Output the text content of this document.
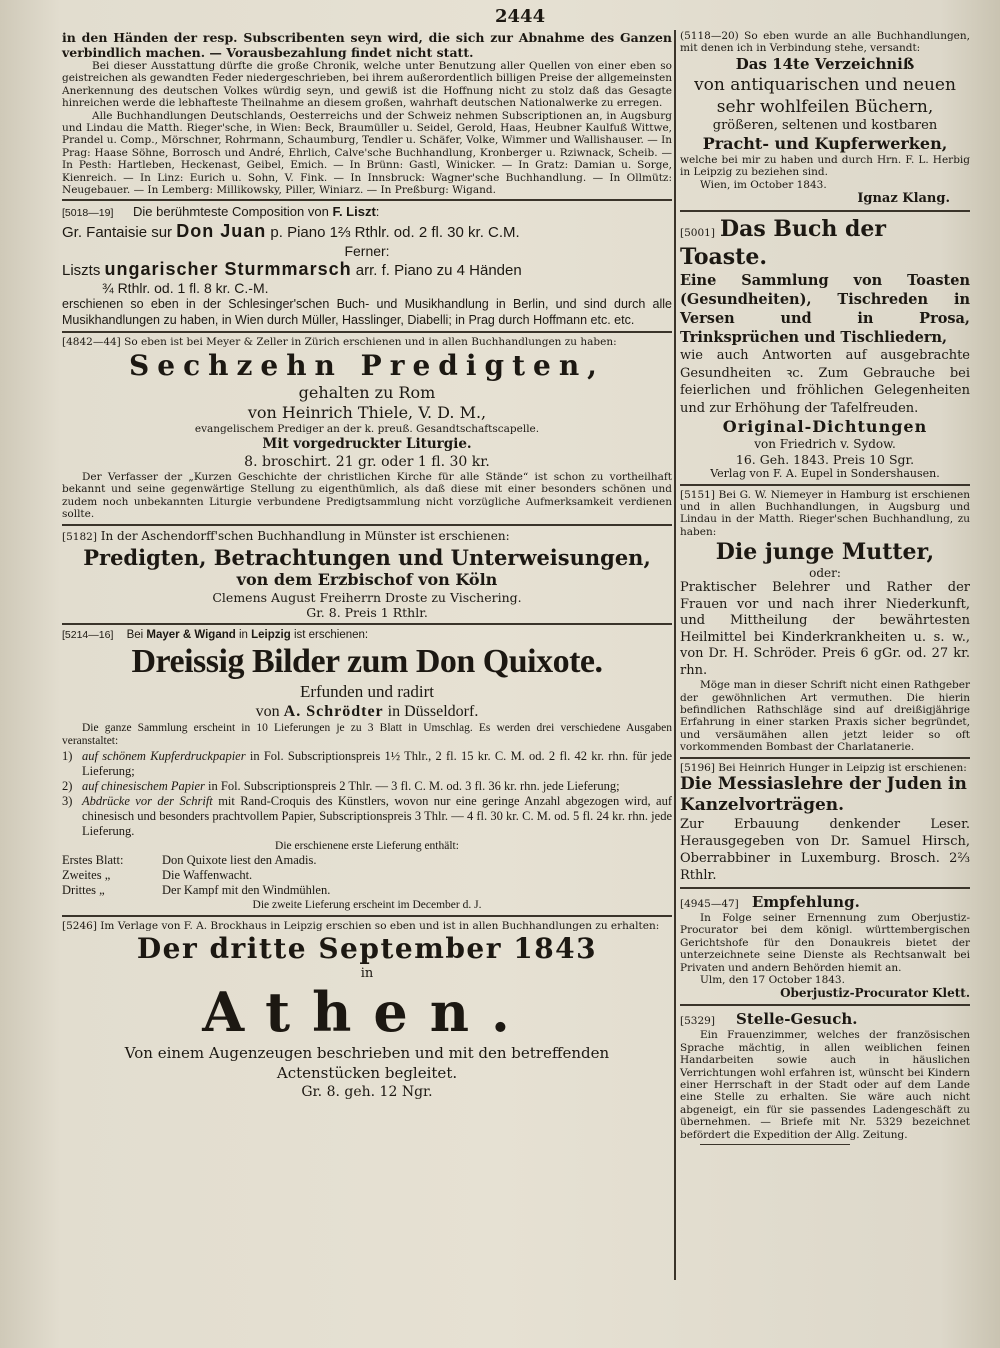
2444

in den Händen der resp. Subscribenten seyn wird, die sich zur Abnahme des Ganzen verbindlich machen. — Vorausbezahlung findet nicht statt.

Bei dieser Ausstattung dürfte die große Chronik, welche unter Benutzung aller Quellen von einer eben so geistreichen als gewandten Feder niedergeschrieben, bei ihrem außerordentlich billigen Preise der allgemeinsten Anerkennung des deutschen Volkes würdig seyn, und gewiß ist die Hoffnung nicht zu stolz daß das Gesagte hinreichen werde die lebhafteste Theilnahme an diesem großen, wahrhaft deutschen Nationalwerke zu erregen.

Alle Buchhandlungen Deutschlands, Oesterreichs und der Schweiz nehmen Subscriptionen an, in Augsburg und Lindau die Matth. Rieger'sche, in Wien: Beck, Braumüller u. Seidel, Gerold, Haas, Heubner Kaulfuß Wittwe, Prandel u. Comp., Mörschner, Rohrmann, Schaumburg, Tendler u. Schäfer, Volke, Wimmer und Wallishauser. — In Prag: Haase Söhne, Borrosch und André, Ehrlich, Calve'sche Buchhandlung, Kronberger u. Rziwnack, Scheib. — In Pesth: Hartleben, Heckenast, Geibel, Emich. — In Brünn: Gastl, Winicker. — In Gratz: Damian u. Sorge, Kienreich. — In Linz: Eurich u. Sohn, V. Fink. — In Innsbruck: Wagner'sche Buchhandlung. — In Ollmütz: Neugebauer. — In Lemberg: Millikowsky, Piller, Winiarz. — In Preßburg: Wigand.

[5018—19] Die berühmteste Composition von F. Liszt:
Gr. Fantaisie sur Don Juan p. Piano 1⅔ Rthlr. od. 2 fl. 30 kr. C.M.
Ferner:
Liszts ungarischer Sturmmarsch arr. f. Piano zu 4 Händen
¾ Rthlr. od. 1 fl. 8 kr. C.-M.

erschienen so eben in der Schlesinger'schen Buch- und Musikhandlung in Berlin, und sind durch alle Musikhandlungen zu haben, in Wien durch Müller, Hasslinger, Diabelli; in Prag durch Hoffmann etc. etc.

[4842—44] So eben ist bei Meyer & Zeller in Zürich erschienen und in allen Buchhandlungen zu haben:
Sechzehn Predigten,
gehalten zu Rom
von Heinrich Thiele, V. D. M.,
evangelischem Prediger an der k. preuß. Gesandtschaftscapelle.
Mit vorgedruckter Liturgie.
8. broschirt. 21 gr. oder 1 fl. 30 kr.

Der Verfasser der „Kurzen Geschichte der christlichen Kirche für alle Stände“ ist schon zu vortheilhaft bekannt und seine gegenwärtige Stellung zu eigenthümlich, als daß diese mit einer besonders schönen und zudem noch unbekannten Liturgie verbundene Predigtsammlung nicht vorzügliche Aufmerksamkeit verdienen sollte.

[5182] In der Aschendorff'schen Buchhandlung in Münster ist erschienen:
Predigten, Betrachtungen und Unterweisungen,
von dem Erzbischof von Köln
Clemens August Freiherrn Droste zu Vischering.
Gr. 8. Preis 1 Rthlr.
[5214—16] Bei Mayer & Wigand in Leipzig ist erschienen:
Dreissig Bilder zum Don Quixote.
Erfunden und radirt
von A. Schrödter in Düsseldorf.

Die ganze Sammlung erscheint in 10 Lieferungen je zu 3 Blatt in Umschlag. Es werden drei verschiedene Ausgaben veranstaltet:

1) auf schönem Kupferdruckpapier in Fol. Subscriptionspreis 1½ Thlr., 2 fl. 15 kr. C. M. od. 2 fl. 42 kr. rhn. für jede Lieferung;
2) auf chinesischem Papier in Fol. Subscriptionspreis 2 Thlr. — 3 fl. C. M. od. 3 fl. 36 kr. rhn. jede Lieferung;
3) Abdrücke vor der Schrift mit Rand-Croquis des Künstlers, wovon nur eine geringe Anzahl abgezogen wird, auf chinesisch und besonders prachtvollem Papier, Subscriptionspreis 3 Thlr. — 4 fl. 30 kr. C. M. od. 5 fl. 24 kr. rhn. jede Lieferung.
Die erschienene erste Lieferung enthält:
Erstes Blatt:	Don Quixote liest den Amadis.
Zweites „	Die Waffenwacht.
Drittes „	Der Kampf mit den Windmühlen.
Die zweite Lieferung erscheint im December d. J.
[5246] Im Verlage von F. A. Brockhaus in Leipzig erschien so eben und ist in allen Buchhandlungen zu erhalten:
Der dritte September 1843
in
Athen.
Von einem Augenzeugen beschrieben und mit den betreffenden Actenstücken begleitet.
Gr. 8. geh. 12 Ngr.
(5118—20) So eben wurde an alle Buchhandlungen, mit denen ich in Verbindung stehe, versandt:
Das 14te Verzeichniß
von antiquarischen und neuen sehr wohlfeilen Büchern,
größeren, seltenen und kostbaren
Pracht- und Kupferwerken,

welche bei mir zu haben und durch Hrn. F. L. Herbig in Leipzig zu beziehen sind.

Wien, im October 1843.
Ignaz Klang.
[5001] Das Buch der Toaste.

Eine Sammlung von Toasten (Gesundheiten), Tischreden in Versen und in Prosa, Trinksprüchen und Tischliedern,

wie auch Antworten auf ausgebrachte Gesundheiten ꝛc. Zum Gebrauche bei feierlichen und fröhlichen Gelegenheiten und zur Erhöhung der Tafelfreuden.

Original-Dichtungen
von Friedrich v. Sydow.
16. Geh. 1843. Preis 10 Sgr.
Verlag von F. A. Eupel in Sondershausen.
[5151] Bei G. W. Niemeyer in Hamburg ist erschienen und in allen Buchhandlungen, in Augsburg und Lindau in der Matth. Rieger'schen Buchhandlung, zu haben:
Die junge Mutter,
oder:

Praktischer Belehrer und Rather der Frauen vor und nach ihrer Niederkunft, und Mittheilung der bewährtesten Heilmittel bei Kinderkrankheiten u. s. w., von Dr. H. Schröder. Preis 6 gGr. od. 27 kr. rhn.

Möge man in dieser Schrift nicht einen Rathgeber der gewöhnlichen Art vermuthen. Die hierin befindlichen Rathschläge sind auf dreißigjährige Erfahrung in einer starken Praxis sicher begründet, und versäumähen allen jetzt leider so oft vorkommenden Bombast der Charlatanerie.

[5196] Bei Heinrich Hunger in Leipzig ist erschienen:
Die Messiaslehre der Juden in Kanzelvorträgen.

Zur Erbauung denkender Leser. Herausgegeben von Dr. Samuel Hirsch, Oberrabbiner in Luxemburg. Brosch. 2⅔ Rthlr.

[4945—47] Empfehlung.

In Folge seiner Ernennung zum Oberjustiz-Procurator bei dem königl. württembergischen Gerichtshofe für den Donaukreis bietet der unterzeichnete seine Dienste als Rechtsanwalt bei Privaten und andern Behörden hiemit an.

Ulm, den 17 October 1843.
Oberjustiz-Procurator Klett.
[5329] Stelle-Gesuch.

Ein Frauenzimmer, welches der französischen Sprache mächtig, in allen weiblichen feinen Handarbeiten sowie auch in häuslichen Verrichtungen wohl erfahren ist, wünscht bei Kindern einer Herrschaft in der Stadt oder auf dem Lande eine Stelle zu erhalten. Sie wäre auch nicht abgeneigt, ein für sie passendes Ladengeschäft zu übernehmen. — Briefe mit Nr. 5329 bezeichnet befördert die Expedition der Allg. Zeitung.
